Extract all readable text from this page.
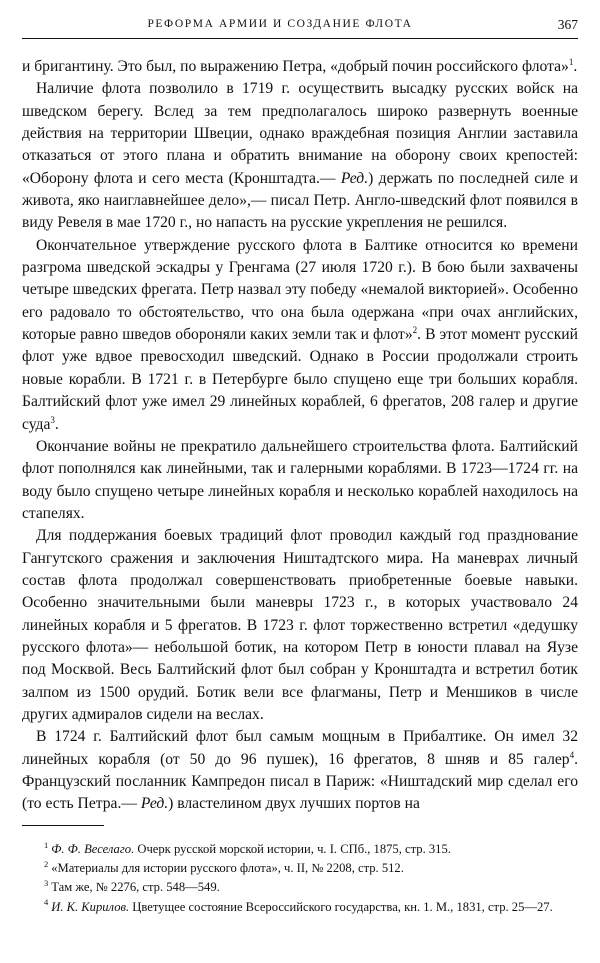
РЕФОРМА АРМИИ И СОЗДАНИЕ ФЛОТА	367

и бригантину. Это был, по выражению Петра, «добрый почин российского флота»$^1$.

Наличие флота позволило в 1719 г. осуществить высадку русских войск на шведском берегу. Вслед за тем предполагалось широко развернуть военные действия на территории Швеции, однако враждебная позиция Англии заставила отказаться от этого плана и обратить внимание на оборону своих крепостей: «Оборону флота и сего места (Кронштадта.— Ред.) держать по последней силе и живота, яко наиглавнейшее дело»,— писал Петр. Англо-шведский флот появился в виду Ревеля в мае 1720 г., но напасть на русские укрепления не решился.

Окончательное утверждение русского флота в Балтике относится ко времени разгрома шведской эскадры у Гренгама (27 июля 1720 г.). В бою были захвачены четыре шведских фрегата. Петр назвал эту победу «немалой викторией». Особенно его радовало то обстоятельство, что она была одержана «при очах английских, которые равно шведов обороняли каких земли так и флот»$^2$. В этот момент русский флот уже вдвое превосходил шведский. Однако в России продолжали строить новые корабли. В 1721 г. в Петербурге было спущено еще три больших корабля. Балтийский флот уже имел 29 линейных кораблей, 6 фрегатов, 208 галер и другие суда$^3$.

Окончание войны не прекратило дальнейшего строительства флота. Балтийский флот пополнялся как линейными, так и галерными кораблями. В 1723—1724 гг. на воду было спущено четыре линейных корабля и несколько кораблей находилось на стапелях.

Для поддержания боевых традиций флот проводил каждый год празднование Гангутского сражения и заключения Ништадтского мира. На маневрах личный состав флота продолжал совершенствовать приобретенные боевые навыки. Особенно значительными были маневры 1723 г., в которых участвовало 24 линейных корабля и 5 фрегатов. В 1723 г. флот торжественно встретил «дедушку русского флота»— небольшой ботик, на котором Петр в юности плавал на Яузе под Москвой. Весь Балтийский флот был собран у Кронштадта и встретил ботик залпом из 1500 орудий. Ботик вели все флагманы, Петр и Меншиков в числе других адмиралов сидели на веслах.

В 1724 г. Балтийский флот был самым мощным в Прибалтике. Он имел 32 линейных корабля (от 50 до 96 пушек), 16 фрегатов, 8 шняв и 85 галер$^4$. Французский посланник Кампредон писал в Париж: «Ништадский мир сделал его (то есть Петра.— Ред.) властелином двух лучших портов на

$^1$ Ф. Ф. Веселаго. Очерк русской морской истории, ч. I. СПб., 1875, стр. 315.
$^2$ «Материалы для истории русского флота», ч. II, № 2208, стр. 512.
$^3$ Там же, № 2276, стр. 548—549.
$^4$ И. К. Кирилов. Цветущее состояние Всероссийского государства, кн. 1. М., 1831, стр. 25—27.
